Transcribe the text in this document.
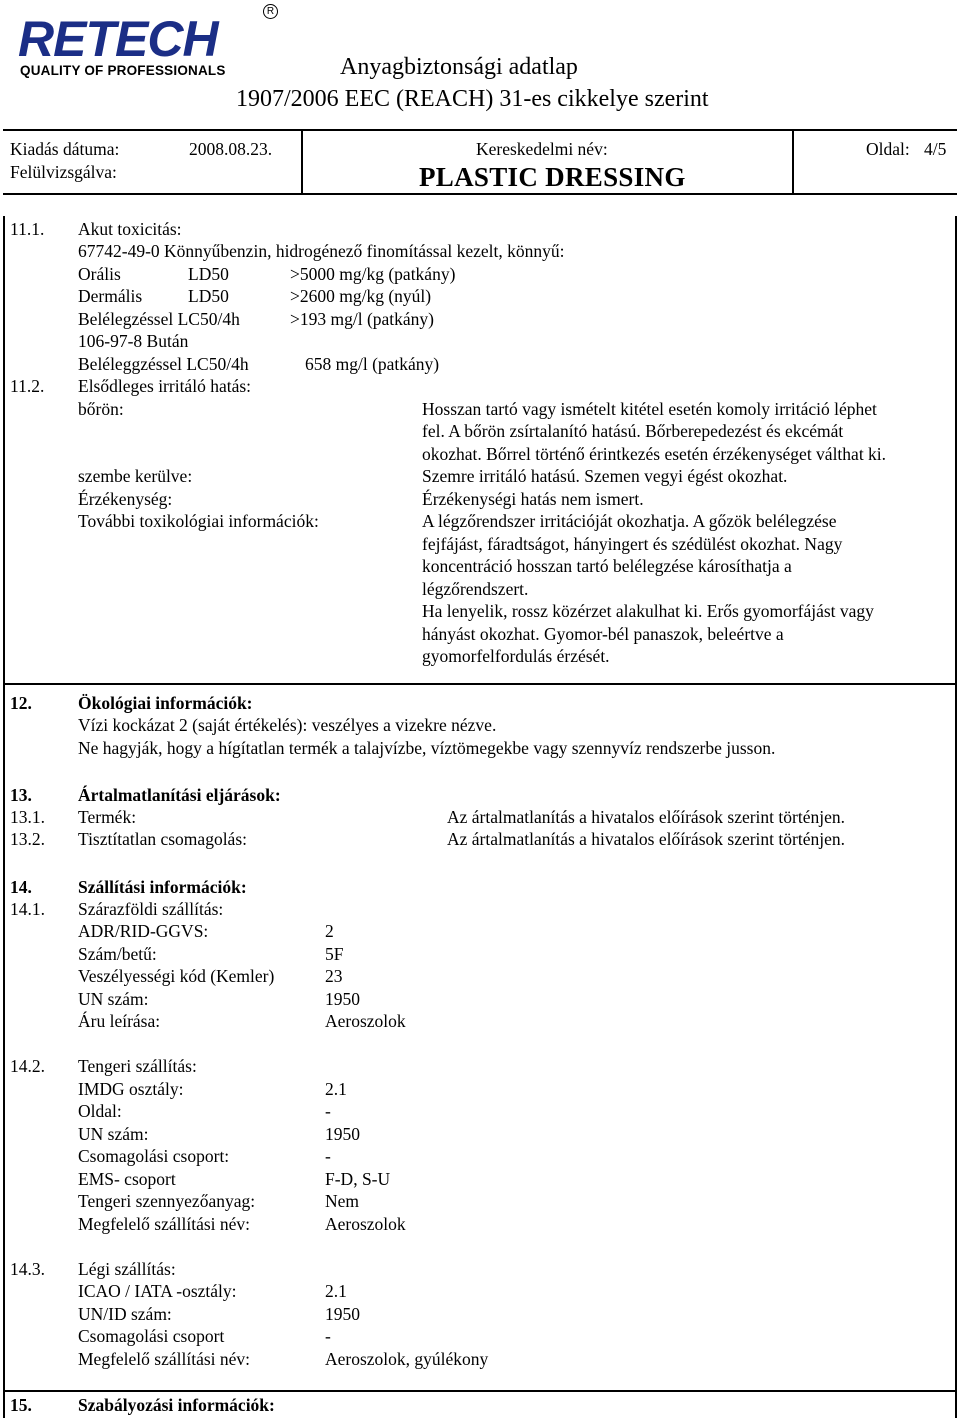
RETECH	R
QUALITY OF PROFESSIONALS	Anyagbiztonsági adatlap
1907/2006 EEC (REACH) 31-es cikkelye szerint
Kiadás dátuma:	2008.08.23.
Felülvizsgálva:
Kereskedelmi név:
PLASTIC DRESSING
Oldal: 4/5
11.1. Akut toxicitás:
67742-49-0 Könnyűbenzin, hidrogénező finomítással kezelt, könnyű:
Orális	LD50	>5000 mg/kg (patkány)
Dermális	LD50	>2600 mg/kg (nyúl)
Belélegzéssel LC50/4h	>193 mg/l (patkány)
106-97-8 Bután
Beléleggzéssel LC50/4h	658 mg/l (patkány)
11.2. Elsődleges irritáló hatás:
bőrön:	Hosszan tartó vagy ismételt kitétel esetén komoly irritáció léphet
fel. A bőrön zsírtalanító hatású. Bőrberepedezést és ekcémát
okozhat. Bőrrel történő érintkezés esetén érzékenységet válthat ki.
szembe kerülve:	Szemre irritáló hatású. Szemen vegyi égést okozhat.
Érzékenység:	Érzékenységi hatás nem ismert.
További toxikológiai információk:	A légzőrendszer irritációját okozhatja. A gőzök belélegzése
fejfájást, fáradtságot, hányingert és szédülést okozhat. Nagy
koncentráció hosszan tartó belélegzése károsíthatja a
légzőrendszert.
Ha lenyelik, rossz közérzet alakulhat ki. Erős gyomorfájást vagy
hányást okozhat. Gyomor-bél panaszok, beleértve a
gyomorfelfordulás érzését.
12.	Ökológiai információk:
Vízi kockázat 2 (saját értékelés): veszélyes a vizekre nézve.
Ne hagyják, hogy a hígítatlan termék a talajvízbe, víztömegekbe vagy szennyvíz rendszerbe jusson.
13.	Ártalmatlanítási eljárások:
13.1. Termék:	Az ártalmatlanítás a hivatalos előírások szerint történjen.
13.2. Tisztítatlan csomagolás:	Az ártalmatlanítás a hivatalos előírások szerint történjen.
14.	Szállítási információk:
14.1. Szárazföldi szállítás:
ADR/RID-GGVS:	2
Szám/betű:	5F
Veszélyességi kód (Kemler)	23
UN szám:	1950
Áru leírása:	Aeroszolok
14.2. Tengeri szállítás:
IMDG osztály:	2.1
Oldal:	-
UN szám:	1950
Csomagolási csoport:	-
EMS- csoport	F-D, S-U
Tengeri szennyezőanyag:	Nem
Megfelelő szállítási név:	Aeroszolok
14.3. Légi szállítás:
ICAO / IATA -osztály:	2.1
UN/ID szám:	1950
Csomagolási csoport	-
Megfelelő szállítási név:	Aeroszolok, gyúlékony
15.	Szabályozási információk:
